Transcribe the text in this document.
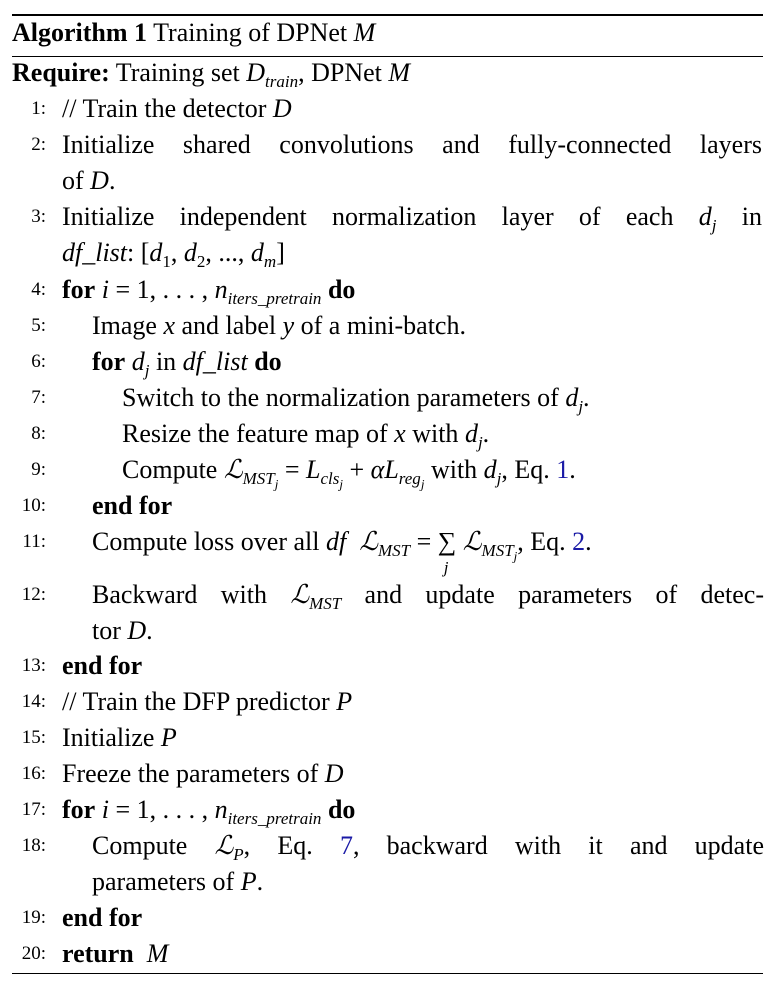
Algorithm 1 Training of DPNet M
Require: Training set $D_{train}$, DPNet M
1:
2:
3:
4:
5:
6:
7:
8:
9:
10:
11:
12:
13:
14:
15:
16:
17:
18:
19:
20:
// Train the detector D
Initialize shared convolutions and fully-connected layers
of D.
Initialize independent normalization layer of each $d_j$ in
df_list: [$d_1$, $d_2$, ..., $d_m$]
for i = 1, . . . , $n_{iters\_pretrain}$ do
Image x and label y of a mini-batch.
for $d_j$ in df_list do
Switch to the normalization parameters of $d_j$.
Resize the feature map of x with $d_j$.
Compute ℒ$_{MST_j}$ = $L_{cls_j} + \alpha L_{reg_j}$ with $d_j$, Eq. 1.
end for
Compute loss over all df ℒ$_{MST}$ = ∑
j
ℒ$_{MST_j}$, Eq. 2.
Backward with ℒ$_{MST}$ and update parameters of detec-
tor D.
end for
// Train the DFP predictor P
Initialize P
Freeze the parameters of D
for i = 1, . . . , $n_{iters\_pretrain}$ do
Compute ℒ$_P$, Eq. 7, backward with it and update
parameters of P.
end for
return M
